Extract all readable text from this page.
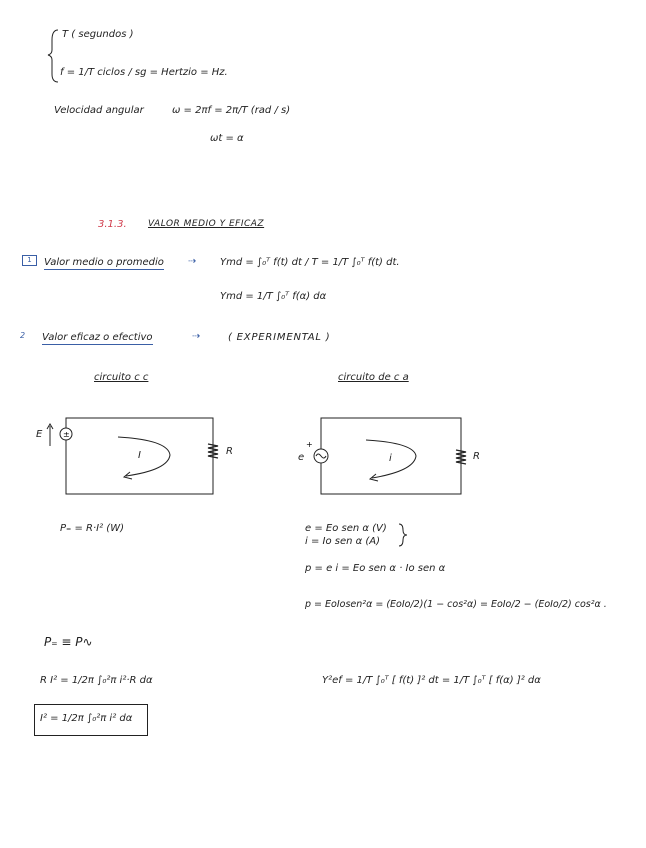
T ( segundos )
f = 1/T ciclos / sg = Hertzio = Hz.
Velocidad angular	ω = 2πf = 2π/T (rad / s)
ωt = α
3.1.3. VALOR MEDIO Y EFICAZ
1	Valor medio o promedio ⇢ Ymd = ∫₀ᵀ f(t) dt / T = 1/T ∫₀ᵀ f(t) dt.
Ymd = 1/T ∫₀ᵀ f(α) dα
2 Valor eficaz o efectivo	⇢	( EXPERIMENTAL )
circuito c c	circuito de c a
±
+
E
I	R
e	i	R
P₌ = R·I² (W)	e = Eo sen α (V)
i = Io sen α (A)
p = e i = Eo sen α · Io sen α
p = EoIosen²α = (EoIo/2)(1 − cos²α) = EoIo/2 − (EoIo/2) cos²α .
P₌ ≡ P∿
R I² = 1/2π ∫₀²π i²·R dα
I² = 1/2π ∫₀²π i² dα
Y²ef = 1/T ∫₀ᵀ [ f(t) ]² dt = 1/T ∫₀ᵀ [ f(α) ]² dα
